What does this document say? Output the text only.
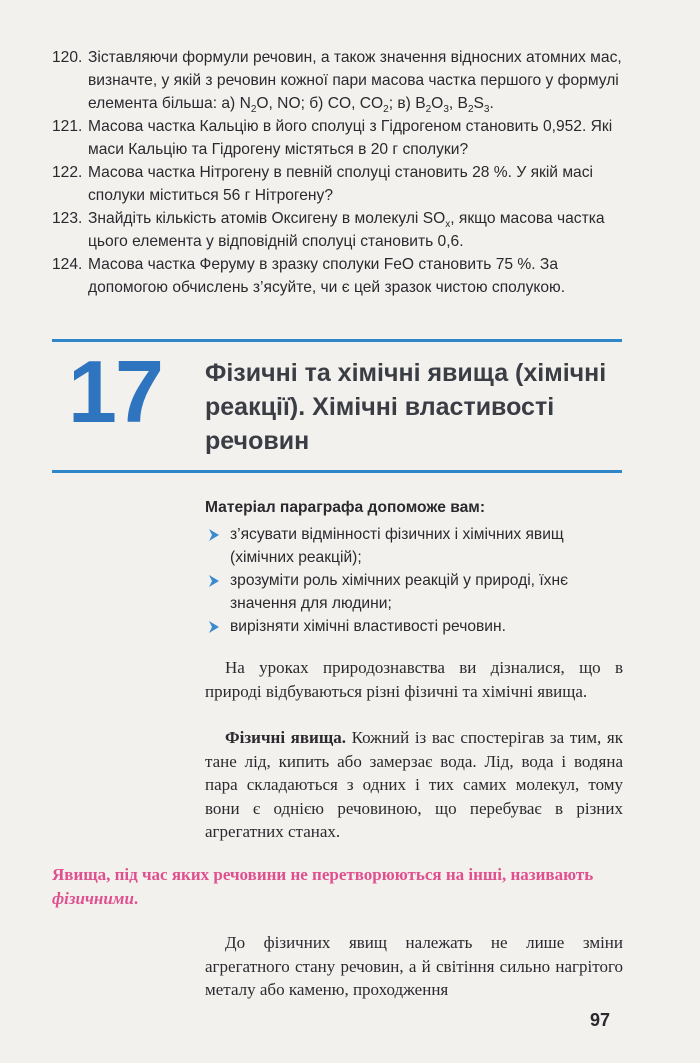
120. Зіставляючи формули речовин, а також значення відносних атомних мас, визначте, у якій з речовин кожної пари масова частка першого у формулі елемента більша: а) $N_2O$, NO; б) CO, $CO_2$; в) $B_2O_3$, $B_2S_3$.
121. Масова частка Кальцію в його сполуці з Гідрогеном становить 0,952. Які маси Кальцію та Гідрогену містяться в 20 г сполуки?
122. Масова частка Нітрогену в певній сполуці становить 28 %. У якій масі сполуки міститься 56 г Нітрогену?
123. Знайдіть кількість атомів Оксигену в молекулі $SO_x$, якщо масова частка цього елемента у відповідній сполуці становить 0,6.
124. Масова частка Феруму в зразку сполуки FeO становить 75 %. За допомогою обчислень з’ясуйте, чи є цей зразок чистою сполукою.
17 Фізичні та хімічні явища (хімічні реакції). Хімічні властивості речовин
Матеріал параграфа допоможе вам:
з’ясувати відмінності фізичних і хімічних явищ (хімічних реакцій);
зрозуміти роль хімічних реакцій у природі, їхнє значення для людини;
вирізняти хімічні властивості речовин.
На уроках природознавства ви дізналися, що в природі відбуваються різні фізичні та хімічні явища.
Фізичні явища. Кожний із вас спостерігав за тим, як тане лід, кипить або замерзає вода. Лід, вода і водяна пара складаються з одних і тих самих молекул, тому вони є однією речовиною, що перебуває в різних агрегатних станах.
Явища, під час яких речовини не перетворюються на інші, називають фізичними.
До фізичних явищ належать не лише зміни агрегатного стану речовин, а й світіння сильно нагрітого металу або каменю, проходження
97
